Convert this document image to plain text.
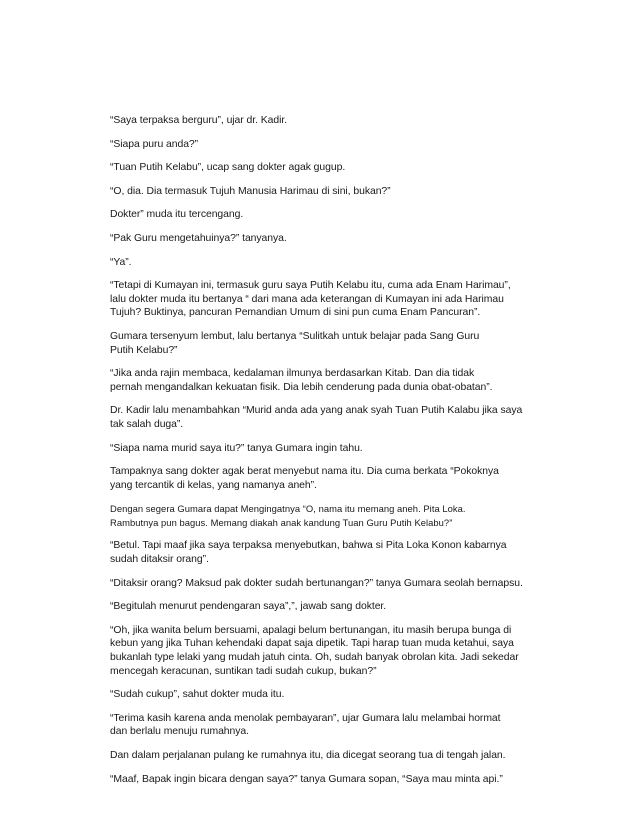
“Saya terpaksa berguru”, ujar dr. Kadir.

“Siapa puru anda?”

“Tuan Putih Kelabu”, ucap sang dokter agak gugup.

“O, dia. Dia termasuk Tujuh Manusia Harimau di sini, bukan?”

Dokter” muda itu tercengang.

“Pak Guru mengetahuinya?” tanyanya.

“Ya”.

“Tetapi di Kumayan ini, termasuk guru saya Putih Kelabu itu, cuma ada Enam Harimau”,
lalu dokter muda itu bertanya “ dari mana ada keterangan di Kumayan ini ada Harimau
Tujuh? Buktinya, pancuran Pemandian Umum di sini pun cuma Enam Pancuran”.

Gumara tersenyum lembut, lalu bertanya “Sulitkah untuk belajar pada Sang Guru
Putih Kelabu?”

“Jika anda rajin membaca, kedalaman ilmunya berdasarkan Kitab. Dan dia tidak
pernah mengandalkan kekuatan fisik. Dia lebih cenderung pada dunia obat-obatan”.

Dr. Kadir lalu menambahkan “Murid anda ada yang anak syah Tuan Putih Kalabu jika saya
tak salah duga”.

“Siapa nama murid saya itu?” tanya Gumara ingin tahu.

Tampaknya sang dokter agak berat menyebut nama itu. Dia cuma berkata “Pokoknya
yang tercantik di kelas, yang namanya aneh”.

Dengan segera Gumara dapat Mengingatnya “O, nama itu memang aneh. Pita Loka.
Rambutnya pun bagus. Memang diakah anak kandung Tuan Guru Putih Kelabu?”

“Betul. Tapi maaf jika saya terpaksa menyebutkan, bahwa si Pita Loka Konon kabarnya
sudah ditaksir orang”.

“Ditaksir orang? Maksud pak dokter sudah bertunangan?” tanya Gumara seolah bernapsu.

“Begitulah menurut pendengaran saya”,”, jawab sang dokter.

“Oh, jika wanita belum bersuami, apalagi belum bertunangan, itu masih berupa bunga di
kebun yang jika Tuhan kehendaki dapat saja dipetik. Tapi harap tuan muda ketahui, saya
bukanlah type lelaki yang mudah jatuh cinta. Oh, sudah banyak obrolan kita. Jadi sekedar
mencegah keracunan, suntikan tadi sudah cukup, bukan?”

“Sudah cukup”, sahut dokter muda itu.

“Terima kasih karena anda menolak pembayaran”, ujar Gumara lalu melambai hormat
dan berlalu menuju rumahnya.

Dan dalam perjalanan pulang ke rumahnya itu, dia dicegat seorang tua di tengah jalan.

“Maaf, Bapak ingin bicara dengan saya?” tanya Gumara sopan, “Saya mau minta api.”
